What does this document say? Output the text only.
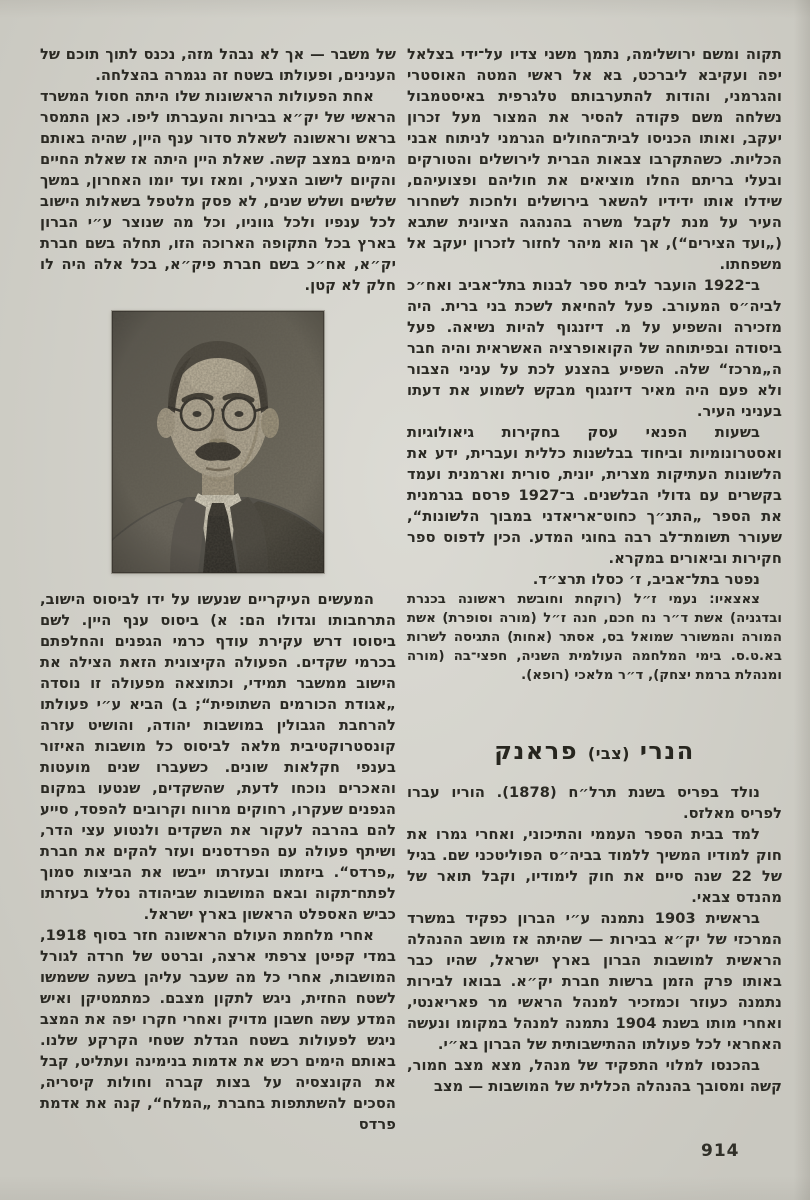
תקוה ומשם ירושלימה, נתמך משני צדיו על־ידי בצלאל יפה ועקיבא ליברכט, בא אל ראשי המטה האוסטרי והגרמני, והודות להתערבותם טלגרפית באיסטמבול נשלחה משם פקודה להסיר את המצור מעל זכרון יעקב, ואותו הכניסו לבית־החולים הגרמני לניתוח אבני הכליות. כשהתקרבו צבאות הברית לירושלים והטורקים ובעלי בריתם החלו מוציאים את חוליהם ופצועיהם, שידלו אותו ידידיו להשאר בירושלים ולחכות לשחרור העיר על מנת לקבל משרה בהנהגה הציונית שתבא („ועד הצירים“), אך הוא מיהר לחזור לזכרון יעקב אל משפחתו.

ב־1922 הועבר לבית ספר לבנות בתל־אביב ואח״כ לביה״ס המעורב. פעל להחיאת לשכת בני ברית. היה מזכירה והשפיע על מ. דיזנגוף להיות נשיאה. פעל ביסודה ובפיתוחה של הקואופרציה האשראית והיה חבר ה„מרכז“ שלה. השפיע בהצנע לכת על עניני הצבור ולא פעם היה מאיר דיזנגוף מבקש לשמוע את דעתו בעניני העיר.

בשעות הפנאי עסק בחקירות גיאולוגיות ואסטרונומיות וביחוד בבלשנות כללית ועברית, ידע את הלשונות העתיקות מצרית, יונית, סורית וארמנית ועמד בקשרים עם גדולי הבלשנים. ב־1927 פרסם בגרמנית את הספר „התנ״ך כחוט־אריאדני במבוך הלשונות“, שעורר תשומת־לב רבה בחוגי המדע. הכין לדפוס ספר חקירות וביאורים במקרא.

נפטר בתל־אביב, ז׳ כסלו תרצ״ד.

צאצאיו: נעמי ז״ל (רוקחת וחובשת ראשונה בכנרת ובדגניה) אשת ד״ר נח חכם, חנה ז״ל (מורה וסופרת) אשת המורה והמשורר שמואל בס, אסתר (אחות) התגיסה לשרות בא.ט.ס. בימי המלחמה העולמית השניה, חפצי־בה (מורה ומנהלת ברמת יצחק), ד״ר מלאכי (רופא).

הנרי (צבי) פראנק

נולד בפריס בשנת תרל״ח (1878). הוריו עברו לפריס מאלזס.

למד בבית הספר העממי והתיכוני, ואחרי גמרו את חוק למודיו המשיך ללמוד בביה״ס הפוליטכני שם. בגיל של 22 שנה סיים את חוק לימודיו, וקבל תואר של מהנדס צבאי.

בראשית 1903 נתמנה ע״י הברון כפקיד במשרד המרכזי של יק״א בבירות — שהיתה אז מושב ההנהלה הראשית למושבות הברון בארץ ישראל, שהיו כבר באותו פרק הזמן ברשות חברת יק״א. בבואו לבירות נתמנה כעוזר וכמזכיר למנהל הראשי מר פאריאנטי, ואחרי מותו בשנת 1904 נתמנה למנהל במקומו ונעשה האחראי לכל פעולתו ההתישבותית של הברון בא״י.

בהכנסו למלוי התפקיד של מנהל, מצא מצב חמור, קשה ומסובך בהנהלה הכללית של המושבות — מצב

של משבר — אך לא נבהל מזה, נכנס לתוך תוכם של הענינים, ופעולתו בשטח זה נגמרה בהצלחה.

אחת הפעולות הראשונות שלו היתה חסול המשרד הראשי של יק״א בבירות והעברתו ליפו. כאן התמסר בראש וראשונה לשאלת סדור ענף היין, שהיה באותם הימים במצב קשה. שאלת היין היתה אז שאלת החיים והקיום לישוב הצעיר, ומאז ועד יומו האחרון, במשך שלשים ושלש שנים, לא פסק מלטפל בשאלות הישוב לכל ענפיו ולכל גווניו, וכל מה שנוצר ע״י הברון בארץ בכל התקופה הארוכה הזו, תחלה בשם חברת יק״א, אח״כ בשם חברת פיק״א, בכל אלה היה לו חלק לא קטן.

המעשים העיקריים שנעשו על ידו לביסוס הישוב, התרחבותו וגדולו הם: א) ביסוס ענף היין. לשם ביסוסו דרש עקירת עודף כרמי הגפנים והחלפתם בכרמי שקדים. הפעולה הקיצונית הזאת הצילה את הישוב ממשבר תמידי, וכתוצאה מפעולה זו נוסדה „אגודת הכורמים השתופית“; ב) הביא ע״י פעולתו להרחבת הגבולין במושבות יהודה, והושיט עזרה קונסטרוקטיבית מלאה לביסוס כל מושבות האיזור בענפי חקלאות שונים. כשעברו שנים מועטות והאכרים נוכחו לדעת, שהשקדים, שנטעו במקום הגפנים שעקרו, רחוקים מרווח וקרובים להפסד, סייע להם בהרבה לעקור את השקדים ולנטוע עצי הדר, ושיתף פעולה עם הפרדסנים ועזר להקים את חברת „פרדס“. ביזמתו ובעזרתו ייבשו את הביצות סמוך לפתח־תקוה ובאם המושבות שביהודה נסלל בעזרתו כביש האספלט הראשון בארץ ישראל.

אחרי מלחמת העולם הראשונה חזר בסוף 1918, במדי קפיטן צרפתי ארצה, וברטט של חרדה לגורל המושבות, אחרי כל מה שעבר עליהן בשעה ששמשו לשטח החזית, ניגש לתקון מצבם. כמתמטיקן ואיש המדע עשה חשבון מדויק ואחרי חקרו יפה את המצב ניגש לפעולות בשטח הגדלת שטחי הקרקע שלנו. באותם הימים רכש את אדמות בנימינה ועתליט, קבל את הקונצסיה על בצות קברה וחולות קיסריה, הסכים להשתתפות בחברת „המלח“, קנה את אדמת פרדס

914
